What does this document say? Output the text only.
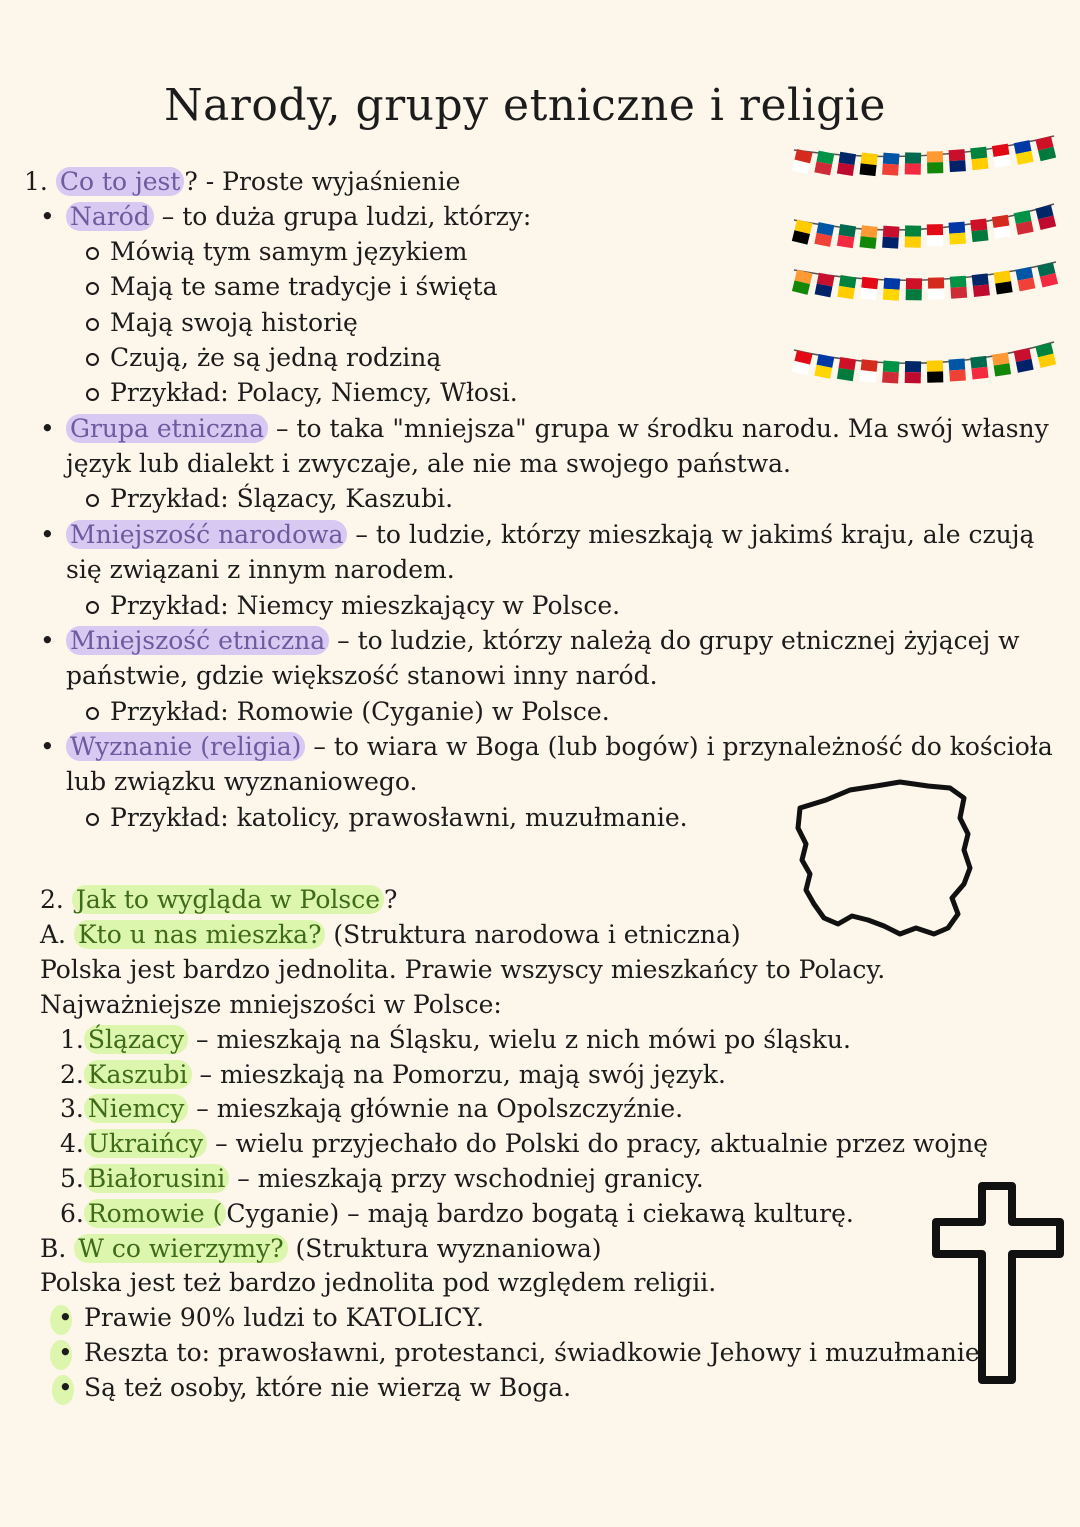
Narody, grupy etniczne i religie
1. Co to jest ? - Proste wyjaśnienie
• Naród – to duża grupa ludzi, którzy:
Mówią tym samym językiem
Mają te same tradycje i święta
Mają swoją historię
Czują, że są jedną rodziną
Przykład: Polacy, Niemcy, Włosi.
• Grupa etniczna – to taka "mniejsza" grupa w środku narodu. Ma swój własny
język lub dialekt i zwyczaje, ale nie ma swojego państwa.
Przykład: Ślązacy, Kaszubi.
• Mniejszość narodowa – to ludzie, którzy mieszkają w jakimś kraju, ale czują
się związani z innym narodem.
Przykład: Niemcy mieszkający w Polsce.
• Mniejszość etniczna – to ludzie, którzy należą do grupy etnicznej żyjącej w
państwie, gdzie większość stanowi inny naród.
Przykład: Romowie (Cyganie) w Polsce.
• Wyznanie (religia) – to wiara w Boga (lub bogów) i przynależność do kościoła
lub związku wyznaniowego.
Przykład: katolicy, prawosławni, muzułmanie.
2. Jak to wygląda w Polsce ?
A. Kto u nas mieszka? (Struktura narodowa i etniczna)
Polska jest bardzo jednolita. Prawie wszyscy mieszkańcy to Polacy.
Najważniejsze mniejszości w Polsce:
1. Ślązacy – mieszkają na Śląsku, wielu z nich mówi po śląsku.
2. Kaszubi – mieszkają na Pomorzu, mają swój język.
3. Niemcy – mieszkają głównie na Opolszczyźnie.
4. Ukraińcy – wielu przyjechało do Polski do pracy, aktualnie przez wojnę
5. Białorusini – mieszkają przy wschodniej granicy.
6. Romowie ( Cyganie) – mają bardzo bogatą i ciekawą kulturę.
B. W co wierzymy? (Struktura wyznaniowa)
Polska jest też bardzo jednolita pod względem religii.
• Prawie 90% ludzi to KATOLICY.
• Reszta to: prawosławni, protestanci, świadkowie Jehowy i muzułmanie.
• Są też osoby, które nie wierzą w Boga.
